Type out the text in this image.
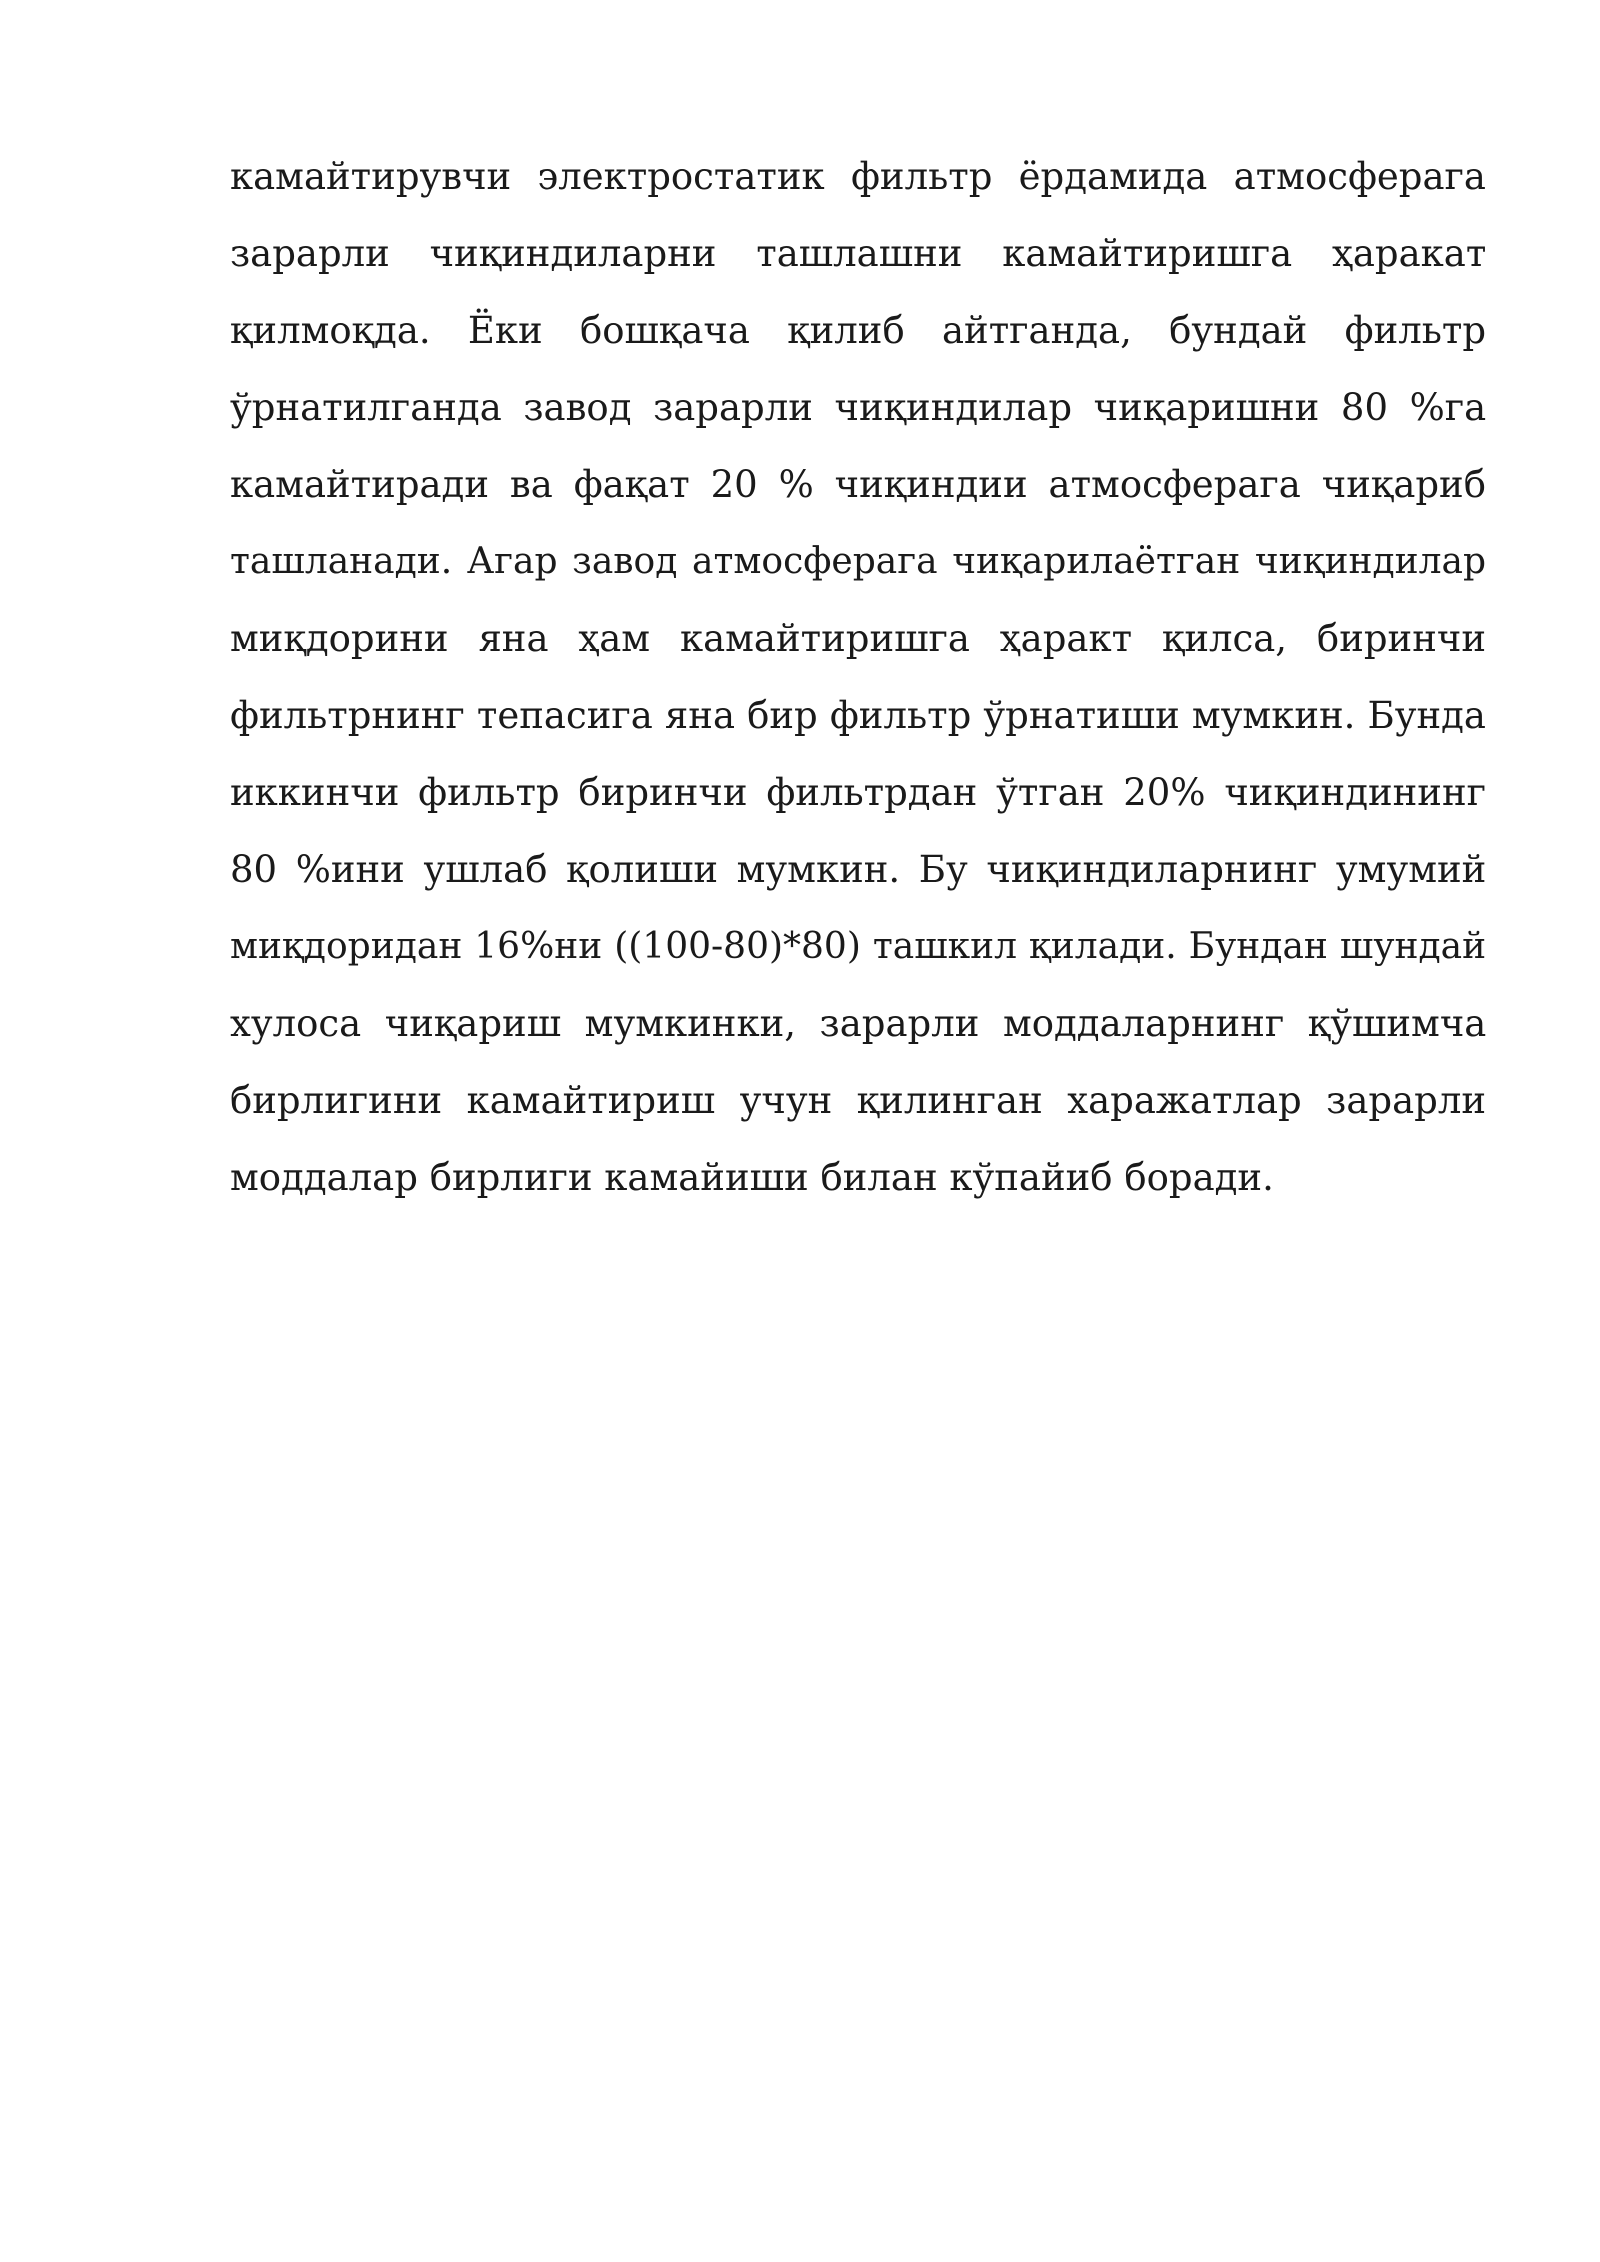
камайтирувчи электростатик фильтр ёрдамида атмосферага
зарарли чиқиндиларни ташлашни камайтиришга ҳаракат
қилмоқда. Ёки бошқача қилиб айтганда, бундай фильтр
ўрнатилганда завод зарарли чиқиндилар чиқаришни 80 %га
камайтиради ва фақат 20 % чиқиндии атмосферага чиқариб
ташланади. Агар завод атмосферага чиқарилаётган чиқиндилар
миқдорини яна ҳам камайтиришга ҳаракт қилса, биринчи
фильтрнинг тепасига яна бир фильтр ўрнатиши мумкин. Бунда
иккинчи фильтр биринчи фильтрдан ўтган 20% чиқиндининг
80 %ини ушлаб қолиши мумкин. Бу чиқиндиларнинг умумий
миқдоридан 16%ни ((100-80)*80) ташкил қилади. Бундан шундай
хулоса чиқариш мумкинки, зарарли моддаларнинг қўшимча
бирлигини камайтириш учун қилинган харажатлар зарарли
моддалар бирлиги камайиши билан кўпайиб боради.
